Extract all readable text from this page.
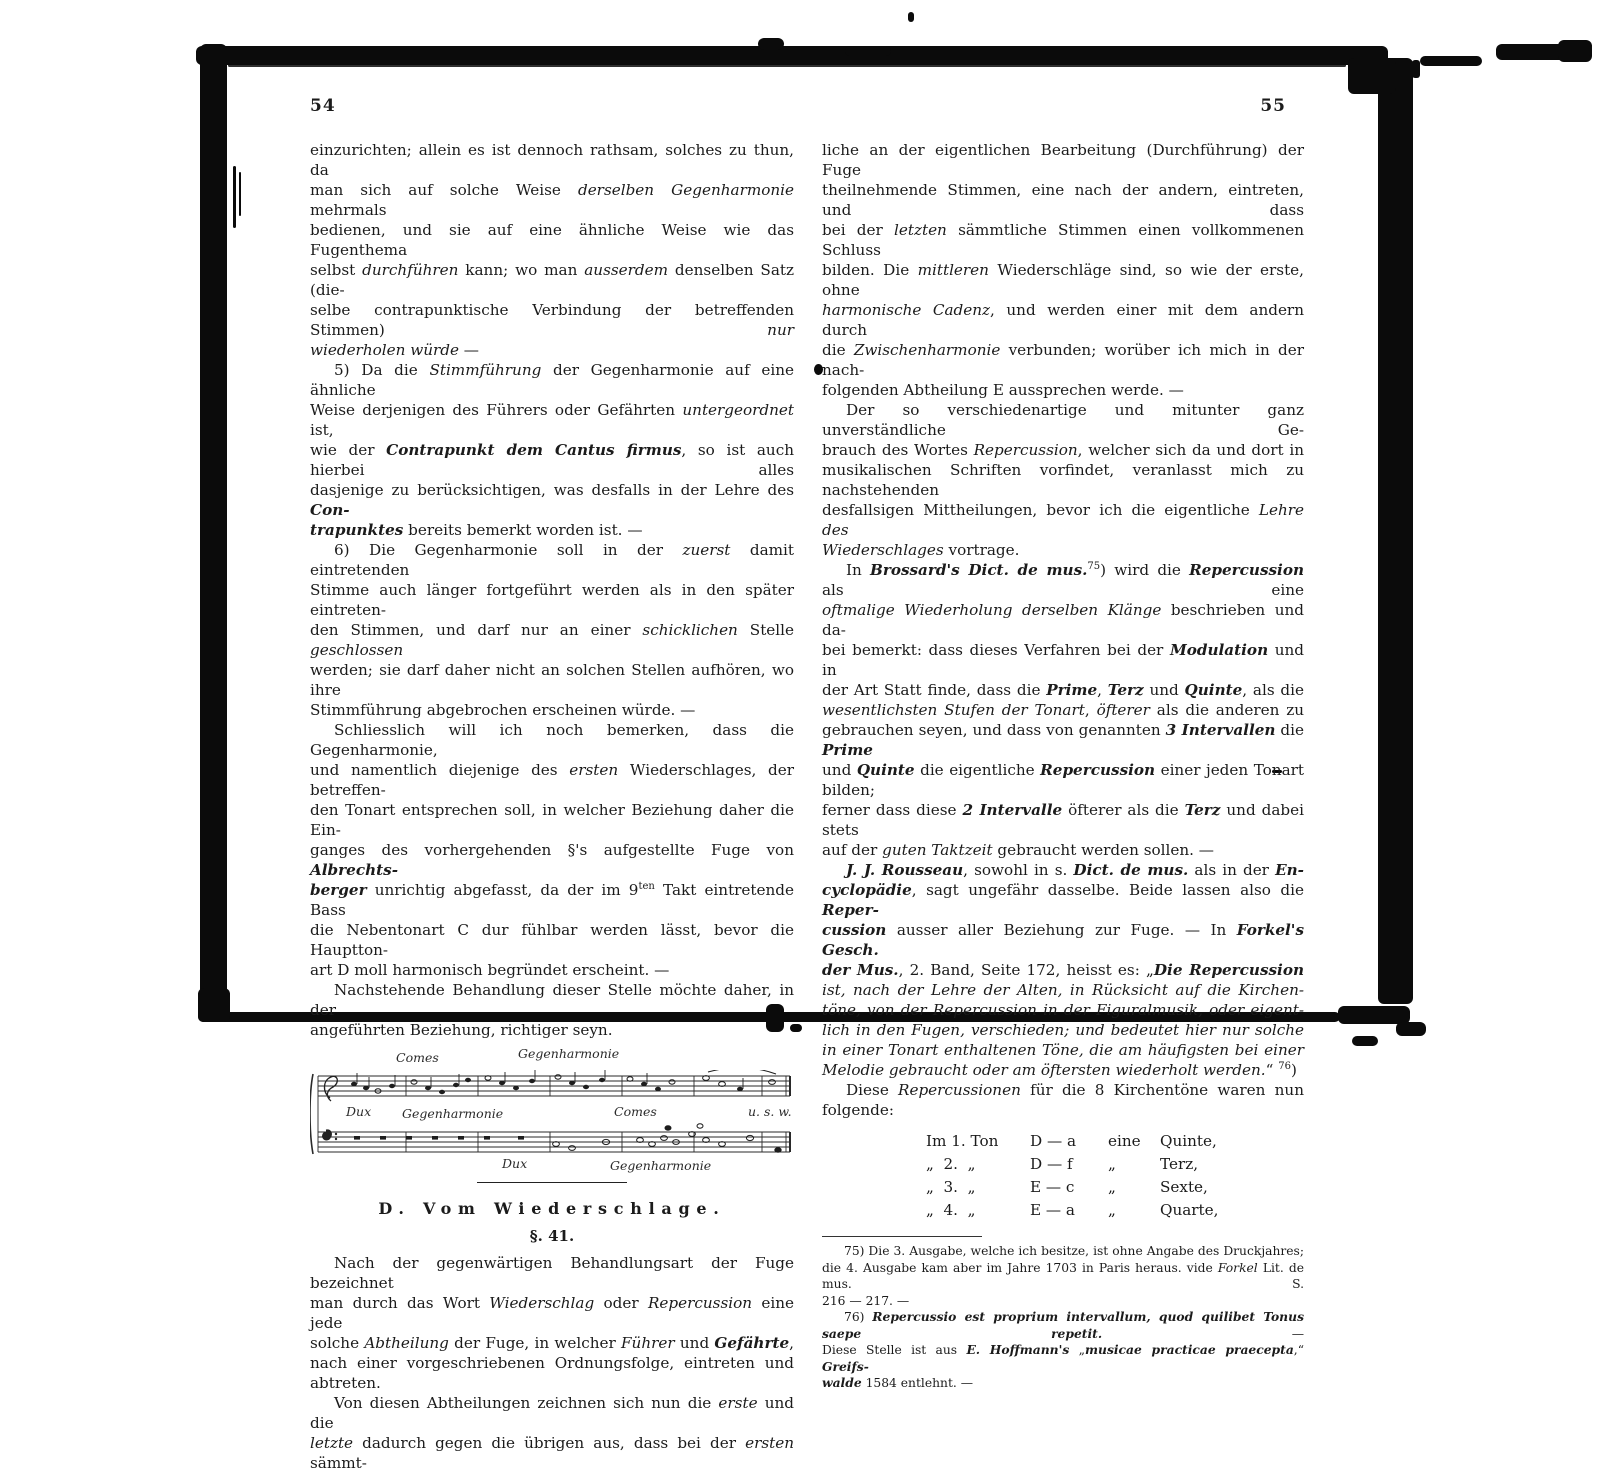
54
einzurichten; allein es ist dennoch rathsam, solches zu thun, da
man sich auf solche Weise derselben Gegenharmonie mehrmals
bedienen, und sie auf eine ähnliche Weise wie das Fugenthema
selbst durchführen kann; wo man ausserdem denselben Satz (die-
selbe contrapunktische Verbindung der betreffenden Stimmen) nur
wiederholen würde —
5) Da die Stimmführung der Gegenharmonie auf eine ähnliche
Weise derjenigen des Führers oder Gefährten untergeordnet ist,
wie der Contrapunkt dem Cantus firmus, so ist auch hierbei alles
dasjenige zu berücksichtigen, was desfalls in der Lehre des Con-
trapunktes bereits bemerkt worden ist. —
6) Die Gegenharmonie soll in der zuerst damit eintretenden
Stimme auch länger fortgeführt werden als in den später eintreten-
den Stimmen, und darf nur an einer schicklichen Stelle geschlossen
werden; sie darf daher nicht an solchen Stellen aufhören, wo ihre
Stimmführung abgebrochen erscheinen würde. —
Schliesslich will ich noch bemerken, dass die Gegenharmonie,
und namentlich diejenige des ersten Wiederschlages, der betreffen-
den Tonart entsprechen soll, in welcher Beziehung daher die Ein-
ganges des vorhergehenden §'s aufgestellte Fuge von Albrechts-
berger unrichtig abgefasst, da der im $9^{ten}$ Takt eintretende Bass
die Nebentonart C dur fühlbar werden lässt, bevor die Hauptton-
art D moll harmonisch begründet erscheint. —
Nachstehende Behandlung dieser Stelle möchte daher, in der
angeführten Beziehung, richtiger seyn.
Comes	Gegenharmonie
Dux Gegenharmonie	Comes	u. s. w.
Dux	Gegenharmonie
D. Vom Wiederschlage.
§. 41.
Nach der gegenwärtigen Behandlungsart der Fuge bezeichnet
man durch das Wort Wiederschlag oder Repercussion eine jede
solche Abtheilung der Fuge, in welcher Führer und Gefährte,
nach einer vorgeschriebenen Ordnungsfolge, eintreten und abtreten.
Von diesen Abtheilungen zeichnen sich nun die erste und die
letzte dadurch gegen die übrigen aus, dass bei der ersten sämmt-
55
liche an der eigentlichen Bearbeitung (Durchführung) der Fuge
theilnehmende Stimmen, eine nach der andern, eintreten, und dass
bei der letzten sämmtliche Stimmen einen vollkommenen Schluss
bilden. Die mittleren Wiederschläge sind, so wie der erste, ohne
harmonische Cadenz, und werden einer mit dem andern durch
die Zwischenharmonie verbunden; worüber ich mich in der nach-
folgenden Abtheilung E aussprechen werde. —
Der so verschiedenartige und mitunter ganz unverständliche Ge-
brauch des Wortes Repercussion, welcher sich da und dort in
musikalischen Schriften vorfindet, veranlasst mich zu nachstehenden
desfallsigen Mittheilungen, bevor ich die eigentliche Lehre des
Wiederschlages vortrage.
In Brossard's Dict. de mus.$^{75}$) wird die Repercussion als eine
oftmalige Wiederholung derselben Klänge beschrieben und da-
bei bemerkt: dass dieses Verfahren bei der Modulation und in
der Art Statt finde, dass die Prime, Terz und Quinte, als die
wesentlichsten Stufen der Tonart, öfterer als die anderen zu
gebrauchen seyen, und dass von genannten 3 Intervallen die Prime
und Quinte die eigentliche Repercussion einer jeden Tonart bilden;
ferner dass diese 2 Intervalle öfterer als die Terz und dabei stets
auf der guten Taktzeit gebraucht werden sollen. —
J. J. Rousseau, sowohl in s. Dict. de mus. als in der En-
cyclopädie, sagt ungefähr dasselbe. Beide lassen also die Reper-
cussion ausser aller Beziehung zur Fuge. — In Forkel's Gesch.
der Mus., 2. Band, Seite 172, heisst es: „Die Repercussion
ist, nach der Lehre der Alten, in Rücksicht auf die Kirchen-
töne, von der Repercussion in der Figuralmusik, oder eigent-
lich in den Fugen, verschieden; und bedeutet hier nur solche
in einer Tonart enthaltenen Töne, die am häufigsten bei einer
Melodie gebraucht oder am öftersten wiederholt werden.“ $^{76}$)
Diese Repercussionen für die 8 Kirchentöne waren nun
folgende:
Im 1. Ton	D — a	eine	Quinte,
„  2.  „	D — f	„	Terz,
„  3.  „	E — c	„	Sexte,
„  4.  „	E — a	„	Quarte,
75) Die 3. Ausgabe, welche ich besitze, ist ohne Angabe des Druckjahres;
die 4. Ausgabe kam aber im Jahre 1703 in Paris heraus. vide Forkel Lit. de mus. S.
216 — 217. —
76) Repercussio est proprium intervallum, quod quilibet Tonus saepe repetit. —
Diese Stelle ist aus E. Hoffmann's „musicae practicae praecepta,“ Greifs-
walde 1584 entlehnt. —
